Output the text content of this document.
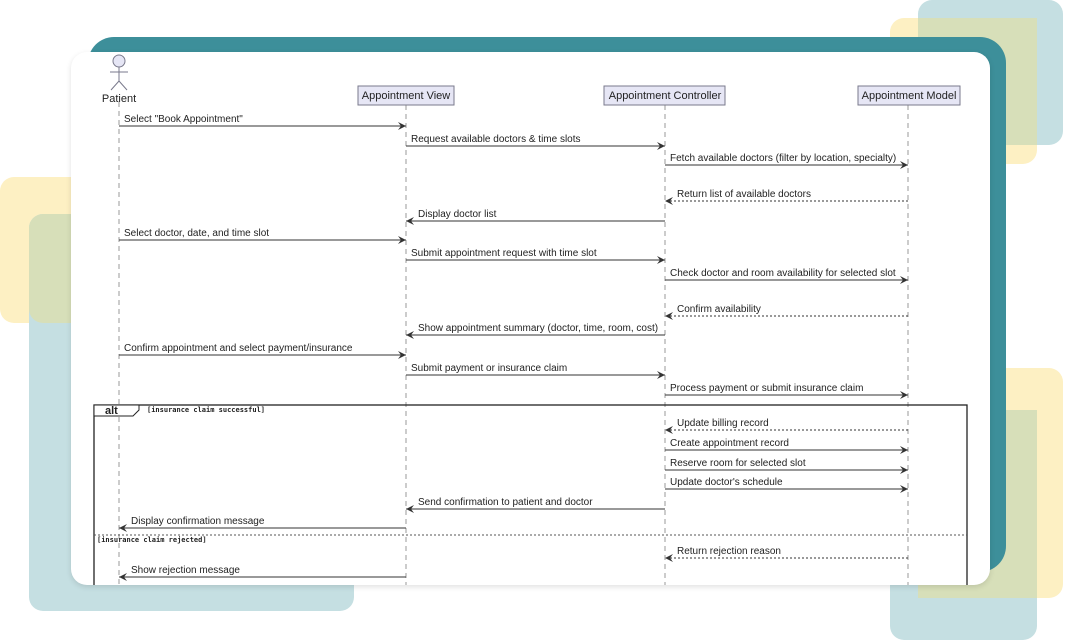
Patient	Appointment View	Appointment Controller	Appointment Model
alt	[insurance claim successful]
[insurance claim rejected]
Select "Book Appointment"
Request available doctors & time slots
Fetch available doctors (filter by location, specialty)
Return list of available doctors
Display doctor list
Select doctor, date, and time slot
Submit appointment request with time slot
Check doctor and room availability for selected slot
Confirm availability
Show appointment summary (doctor, time, room, cost)
Confirm appointment and select payment/insurance
Submit payment or insurance claim
Process payment or submit insurance claim
Update billing record
Create appointment record
Reserve room for selected slot
Update doctor's schedule
Send confirmation to patient and doctor
Display confirmation message
Return rejection reason
Show rejection message
